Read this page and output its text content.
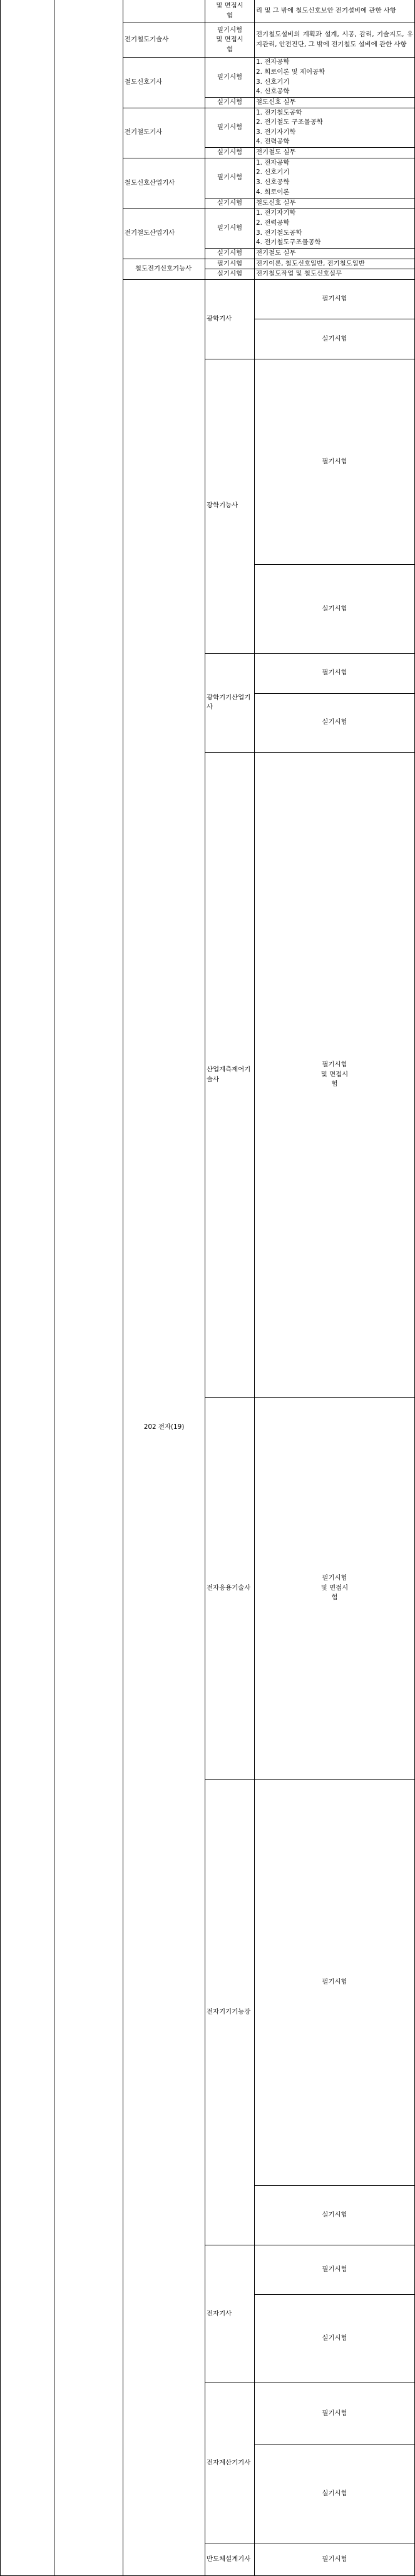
			및 면접시
험	리 및 그 밖에 철도신호보안 전기설비에 관한 사항	

		전기철도기술사	필기시험
및 면접시
험	전기철도설비의 계획과 설계, 시공, 감리, 기술지도, 유지관리, 안전진단, 그 밖에 전기철도 설비에 관한 사항	

		철도신호기사	필기시험	1. 전자공학
2. 회로이론 및 제어공학
3. 신호기기
4. 신호공학	

			실기시험	철도신호 실무	
		전기철도기사	필기시험	1. 전기철도공학
2. 전기철도 구조물공학
3. 전기자기학
4. 전력공학	

			실기시험	전기철도 실무	
		철도신호산업기사	필기시험	1. 전자공학
2. 신호기기
3. 신호공학
4. 회로이론	

			실기시험	철도신호 실무	
		전기철도산업기사	필기시험	1. 전기자기학
2. 전력공학
3. 전기철도공학
4. 전기철도구조물공학	

			실기시험	전기철도 실무	
		철도전기신호기능사	필기시험	전기이론, 철도신호일반, 전기철도일반	
			실기시험	전기철도작업 및 철도신호실무	
		202 전자(19)	광학기사	필기시험	

				실기시험	
			광학기능사	필기시험	

				실기시험	
			광학기기산업기사	필기시험	

				실기시험	
			산업계측제어기술사	필기시험
및 면접시
험

			전자응용기술사	필기시험
및 면접시
험

			전자기기기능장	필기시험	

				실기시험	
			전자기사	필기시험	

				실기시험	
			전자계산기기사	필기시험	

				실기시험	
			반도체설계기사	필기시험	
